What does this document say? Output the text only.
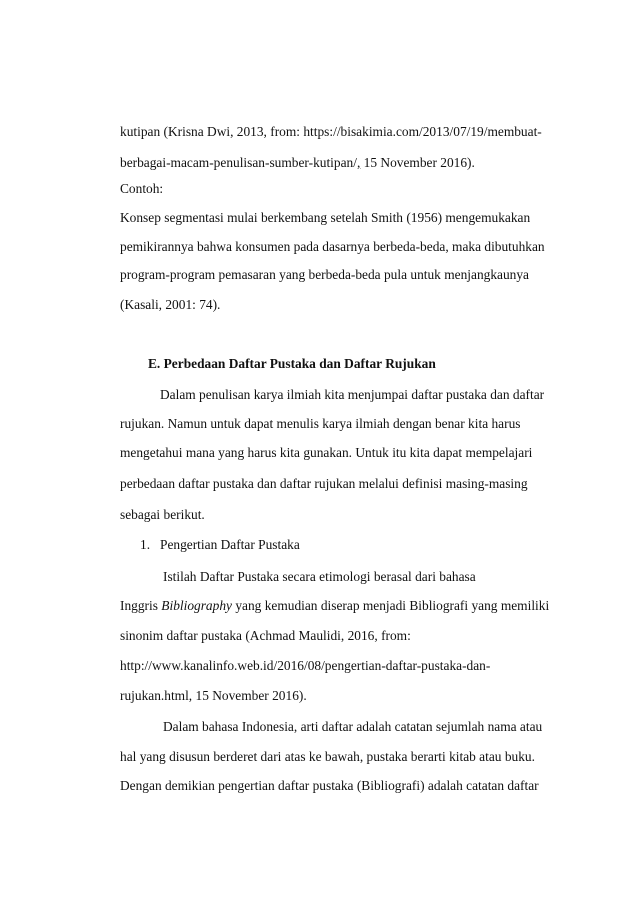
kutipan (Krisna Dwi, 2013, from: https://bisakimia.com/2013/07/19/membuat-
berbagai-macam-penulisan-sumber-kutipan/, 15 November 2016).
Contoh:
Konsep segmentasi mulai berkembang setelah Smith (1956) mengemukakan
pemikirannya bahwa konsumen pada dasarnya berbeda-beda, maka dibutuhkan
program-program pemasaran yang berbeda-beda pula untuk menjangkaunya
(Kasali, 2001: 74).
E. Perbedaan Daftar Pustaka dan Daftar Rujukan
Dalam penulisan karya ilmiah kita menjumpai daftar pustaka dan daftar
rujukan. Namun untuk dapat menulis karya ilmiah dengan benar kita harus
mengetahui mana yang harus kita gunakan. Untuk itu kita dapat mempelajari
perbedaan daftar pustaka dan daftar rujukan melalui definisi masing-masing
sebagai berikut.
1. Pengertian Daftar Pustaka
Istilah Daftar Pustaka secara etimologi berasal dari bahasa
Inggris Bibliography yang kemudian diserap menjadi Bibliografi yang memiliki
sinonim daftar pustaka (Achmad Maulidi, 2016, from:
http://www.kanalinfo.web.id/2016/08/pengertian-daftar-pustaka-dan-
rujukan.html, 15 November 2016).
Dalam bahasa Indonesia, arti daftar adalah catatan sejumlah nama atau
hal yang disusun berderet dari atas ke bawah, pustaka berarti kitab atau buku.
Dengan demikian pengertian daftar pustaka (Bibliografi) adalah catatan daftar
